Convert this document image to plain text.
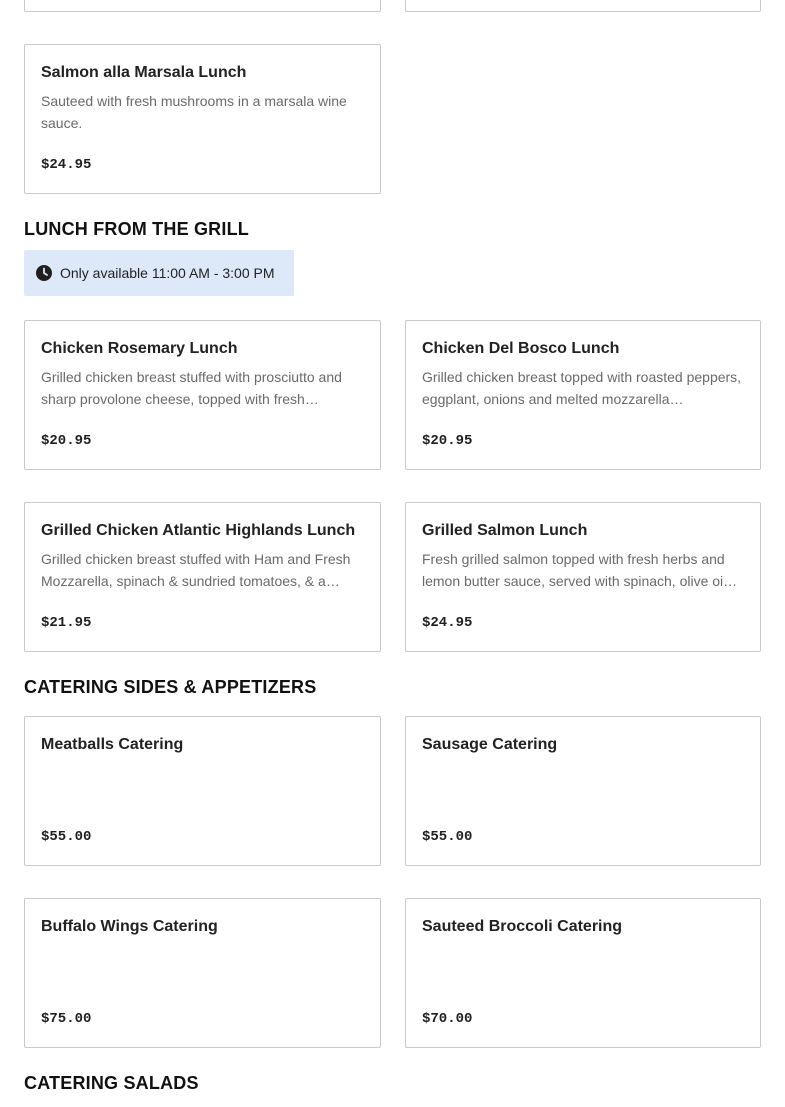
Salmon alla Marsala Lunch
Sauteed with fresh mushrooms in a marsala wine sauce.
$24.95
LUNCH FROM THE GRILL
Only available 11:00 AM - 3:00 PM
Chicken Rosemary Lunch
Grilled chicken breast stuffed with prosciutto and sharp provolone cheese, topped with fresh…
$20.95
Chicken Del Bosco Lunch
Grilled chicken breast topped with roasted peppers, eggplant, onions and melted mozzarella…
$20.95
Grilled Chicken Atlantic Highlands Lunch
Grilled chicken breast stuffed with Ham and Fresh Mozzarella, spinach & sundried tomatoes, & a…
$21.95
Grilled Salmon Lunch
Fresh grilled salmon topped with fresh herbs and lemon butter sauce, served with spinach, olive oi…
$24.95
CATERING SIDES & APPETIZERS
Meatballs Catering
$55.00
Sausage Catering
$55.00
Buffalo Wings Catering
$75.00
Sauteed Broccoli Catering
$70.00
CATERING SALADS
